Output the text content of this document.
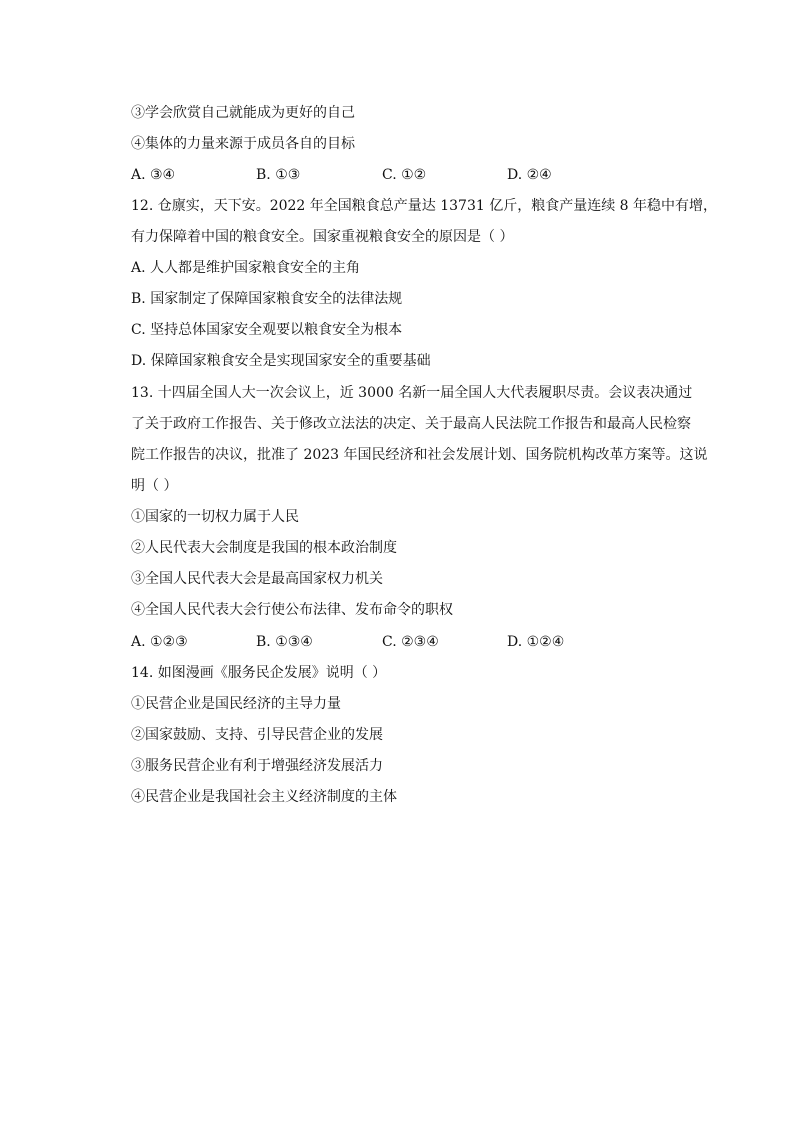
③学会欣赏自己就能成为更好的自己
④集体的力量来源于成员各自的目标
A. ③④	B. ①③	C. ①②	D. ②④
12. 仓廪实，天下安。2022 年全国粮食总产量达 13731 亿斤，粮食产量连续 8 年稳中有增，
有力保障着中国的粮食安全。国家重视粮食安全的原因是（ ）
A. 人人都是维护国家粮食安全的主角
B. 国家制定了保障国家粮食安全的法律法规
C. 坚持总体国家安全观要以粮食安全为根本
D. 保障国家粮食安全是实现国家安全的重要基础
13. 十四届全国人大一次会议上，近 3000 名新一届全国人大代表履职尽责。会议表决通过
了关于政府工作报告、关于修改立法法的决定、关于最高人民法院工作报告和最高人民检察
院工作报告的决议，批准了 2023 年国民经济和社会发展计划、国务院机构改革方案等。这说
明（ ）
①国家的一切权力属于人民
②人民代表大会制度是我国的根本政治制度
③全国人民代表大会是最高国家权力机关
④全国人民代表大会行使公布法律、发布命令的职权
A. ①②③	B. ①③④	C. ②③④	D. ①②④
14. 如图漫画《服务民企发展》说明（ ）
①民营企业是国民经济的主导力量
②国家鼓励、支持、引导民营企业的发展
③服务民营企业有利于增强经济发展活力
④民营企业是我国社会主义经济制度的主体
